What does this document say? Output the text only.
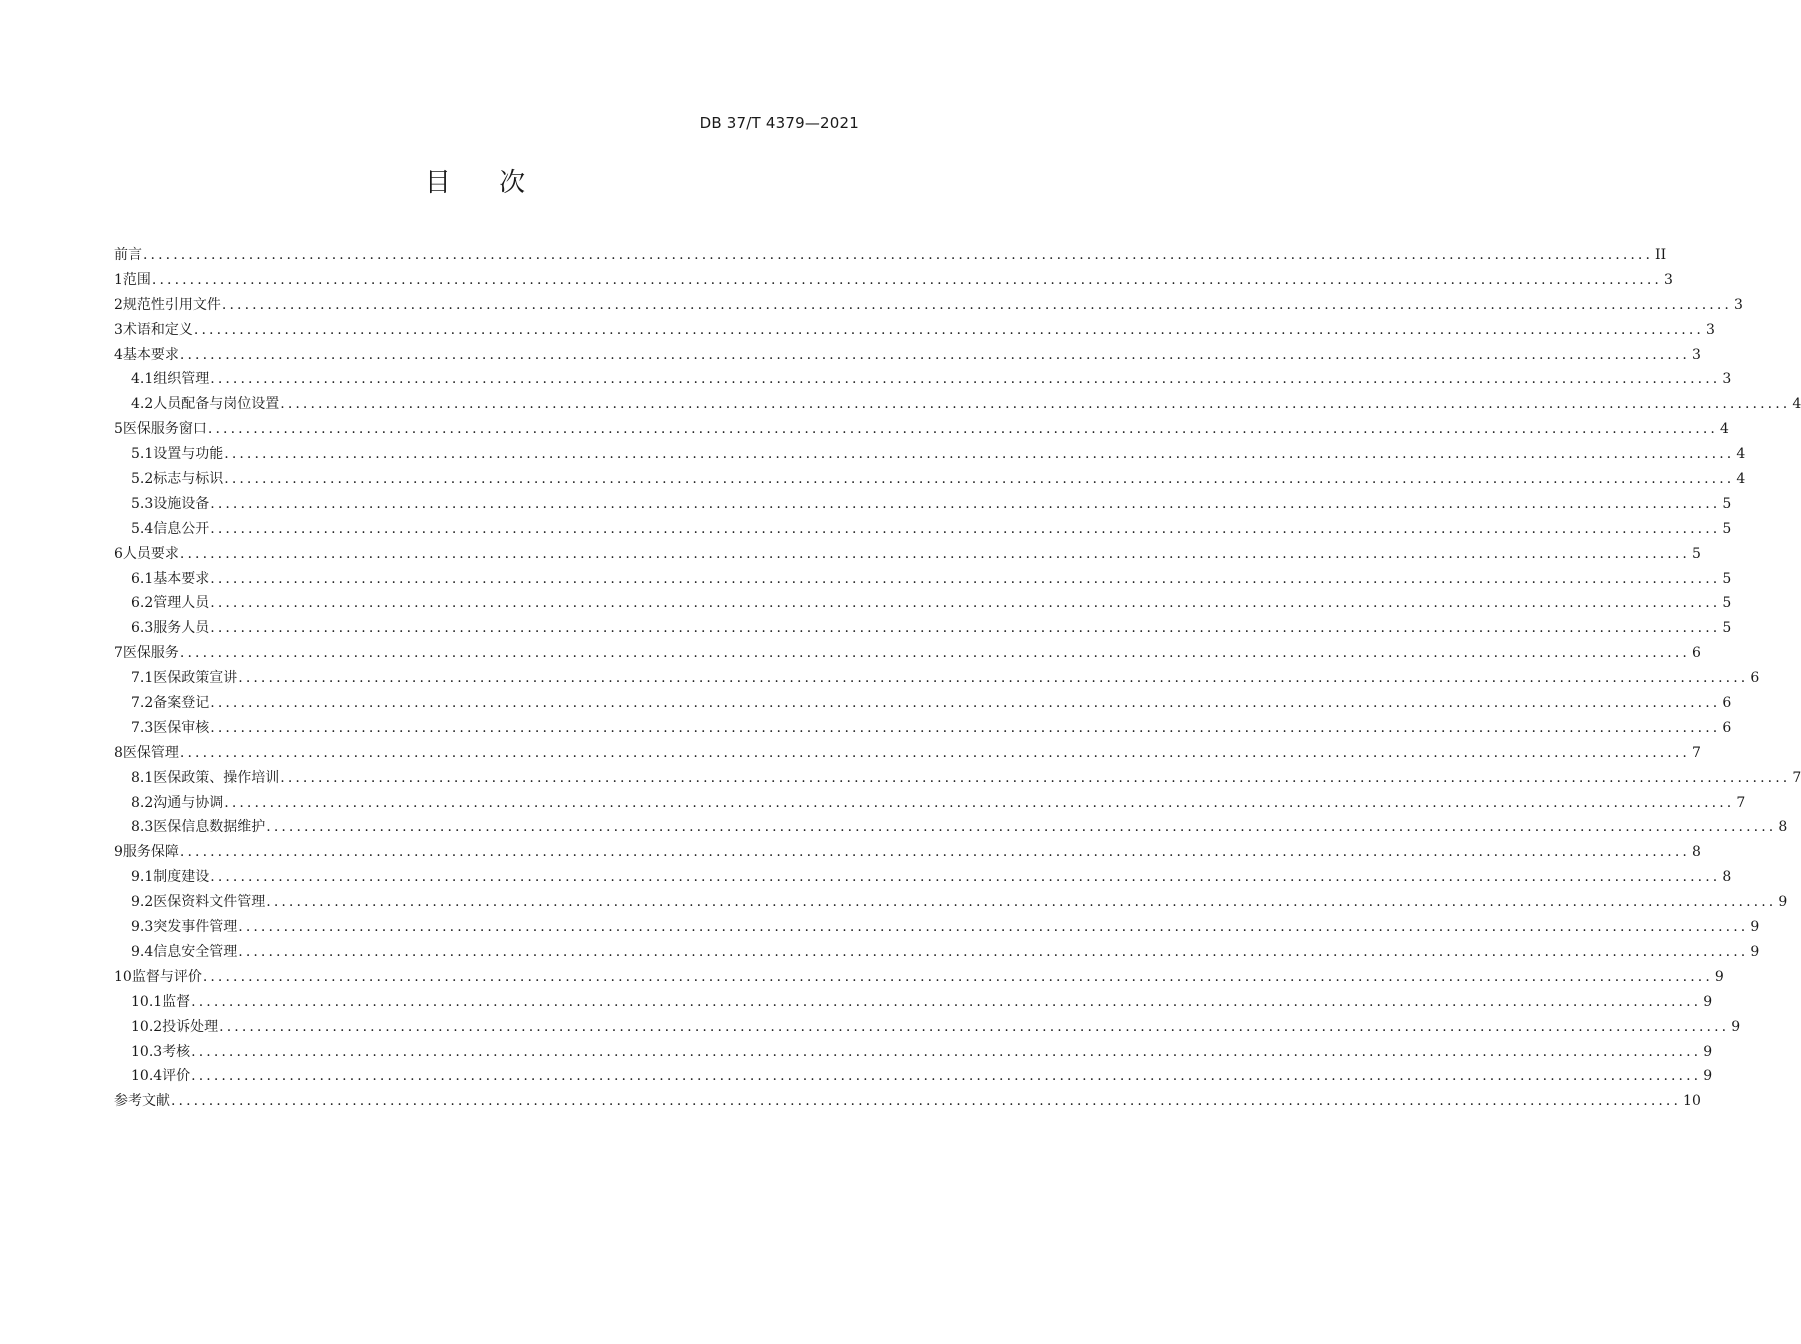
DB 37/T 4379—2021
目 次
前言 ........................................................................................................................................................................................................ II
1 范围 ........................................................................................................................................................................................................ 3
2 规范性引用文件 ........................................................................................................................................................................................................ 3
3 术语和定义 ........................................................................................................................................................................................................ 3
4 基本要求 ........................................................................................................................................................................................................ 3
4.1 组织管理 ........................................................................................................................................................................................................ 3
4.2 人员配备与岗位设置 ........................................................................................................................................................................................................ 4
5 医保服务窗口 ........................................................................................................................................................................................................ 4
5.1 设置与功能 ........................................................................................................................................................................................................ 4
5.2 标志与标识 ........................................................................................................................................................................................................ 4
5.3 设施设备 ........................................................................................................................................................................................................ 5
5.4 信息公开 ........................................................................................................................................................................................................ 5
6 人员要求 ........................................................................................................................................................................................................ 5
6.1 基本要求 ........................................................................................................................................................................................................ 5
6.2 管理人员 ........................................................................................................................................................................................................ 5
6.3 服务人员 ........................................................................................................................................................................................................ 5
7 医保服务 ........................................................................................................................................................................................................ 6
7.1 医保政策宣讲 ........................................................................................................................................................................................................ 6
7.2 备案登记 ........................................................................................................................................................................................................ 6
7.3 医保审核 ........................................................................................................................................................................................................ 6
8 医保管理 ........................................................................................................................................................................................................ 7
8.1 医保政策、操作培训 ........................................................................................................................................................................................................ 7
8.2 沟通与协调 ........................................................................................................................................................................................................ 7
8.3 医保信息数据维护 ........................................................................................................................................................................................................ 8
9 服务保障 ........................................................................................................................................................................................................ 8
9.1 制度建设 ........................................................................................................................................................................................................ 8
9.2 医保资料文件管理 ........................................................................................................................................................................................................ 9
9.3 突发事件管理 ........................................................................................................................................................................................................ 9
9.4 信息安全管理 ........................................................................................................................................................................................................ 9
10 监督与评价 ........................................................................................................................................................................................................ 9
10.1 监督 ........................................................................................................................................................................................................ 9
10.2 投诉处理 ........................................................................................................................................................................................................ 9
10.3 考核 ........................................................................................................................................................................................................ 9
10.4 评价 ........................................................................................................................................................................................................ 9
参考文献 ........................................................................................................................................................................................................ 10
